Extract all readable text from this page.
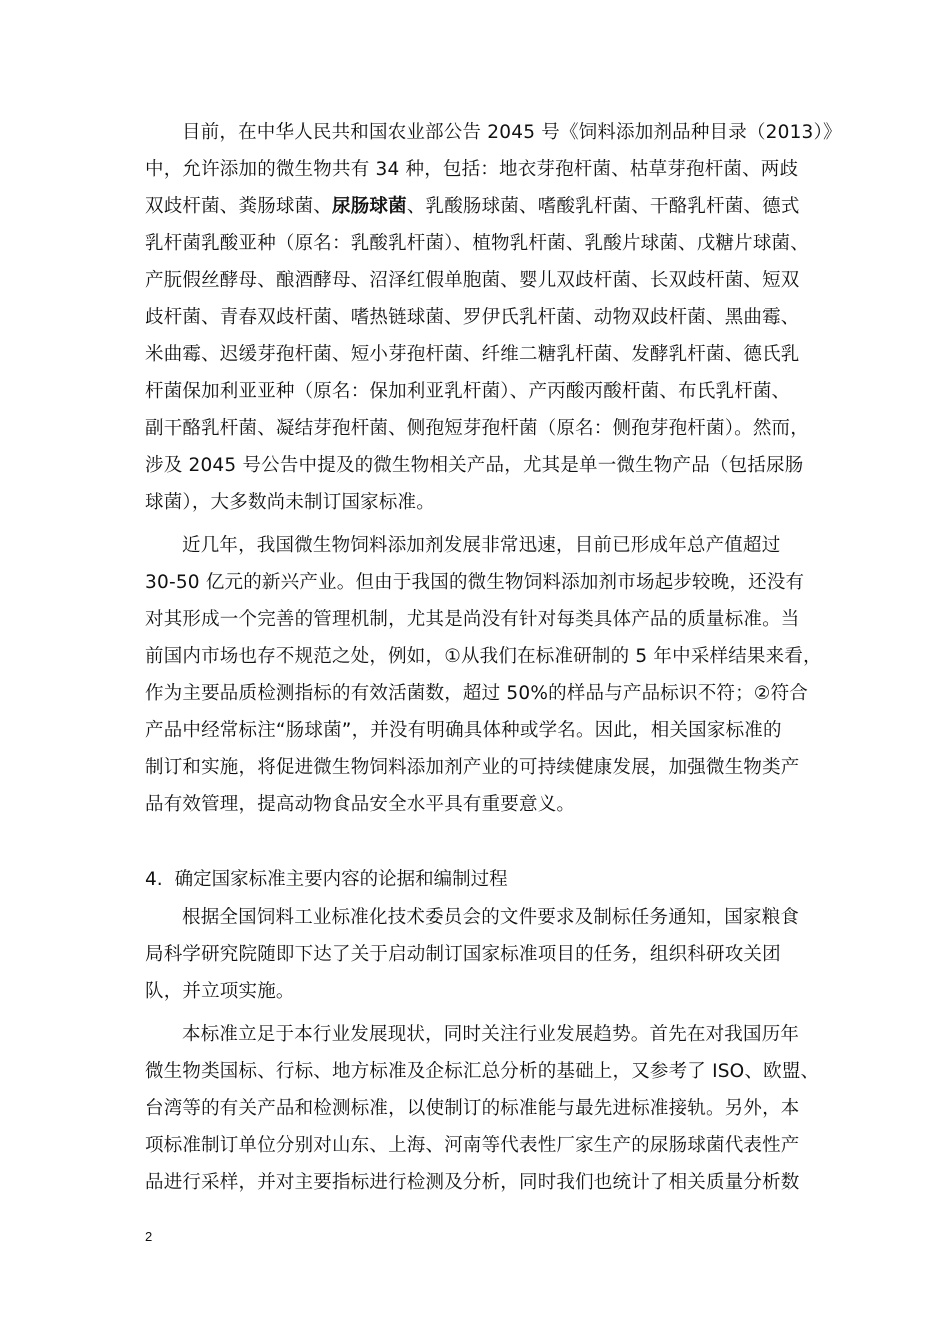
目前，在中华人民共和国农业部公告 2045 号《饲料添加剂品种目录（2013）》
中，允许添加的微生物共有 34 种，包括：地衣芽孢杆菌、枯草芽孢杆菌、两歧
双歧杆菌、粪肠球菌、尿肠球菌、乳酸肠球菌、嗜酸乳杆菌、干酪乳杆菌、德式
乳杆菌乳酸亚种（原名：乳酸乳杆菌）、植物乳杆菌、乳酸片球菌、戊糖片球菌、
产朊假丝酵母、酿酒酵母、沼泽红假单胞菌、婴儿双歧杆菌、长双歧杆菌、短双
歧杆菌、青春双歧杆菌、嗜热链球菌、罗伊氏乳杆菌、动物双歧杆菌、黑曲霉、
米曲霉、迟缓芽孢杆菌、短小芽孢杆菌、纤维二糖乳杆菌、发酵乳杆菌、德氏乳
杆菌保加利亚亚种（原名：保加利亚乳杆菌）、产丙酸丙酸杆菌、布氏乳杆菌、
副干酪乳杆菌、凝结芽孢杆菌、侧孢短芽孢杆菌（原名：侧孢芽孢杆菌）。然而，
涉及 2045 号公告中提及的微生物相关产品，尤其是单一微生物产品（包括尿肠
球菌），大多数尚未制订国家标准。
近几年，我国微生物饲料添加剂发展非常迅速，目前已形成年总产值超过
30-50 亿元的新兴产业。但由于我国的微生物饲料添加剂市场起步较晚，还没有
对其形成一个完善的管理机制，尤其是尚没有针对每类具体产品的质量标准。当
前国内市场也存不规范之处，例如，①从我们在标准研制的 5 年中采样结果来看，
作为主要品质检测指标的有效活菌数，超过 50%的样品与产品标识不符；②符合
产品中经常标注“肠球菌”，并没有明确具体种或学名。因此，相关国家标准的
制订和实施，将促进微生物饲料添加剂产业的可持续健康发展，加强微生物类产
品有效管理，提高动物食品安全水平具有重要意义。
4. 确定国家标准主要内容的论据和编制过程
根据全国饲料工业标准化技术委员会的文件要求及制标任务通知，国家粮食
局科学研究院随即下达了关于启动制订国家标准项目的任务，组织科研攻关团
队，并立项实施。
本标准立足于本行业发展现状，同时关注行业发展趋势。首先在对我国历年
微生物类国标、行标、地方标准及企标汇总分析的基础上，又参考了 ISO、欧盟、
台湾等的有关产品和检测标准，以使制订的标准能与最先进标准接轨。另外，本
项标准制订单位分别对山东、上海、河南等代表性厂家生产的尿肠球菌代表性产
品进行采样，并对主要指标进行检测及分析，同时我们也统计了相关质量分析数
2
